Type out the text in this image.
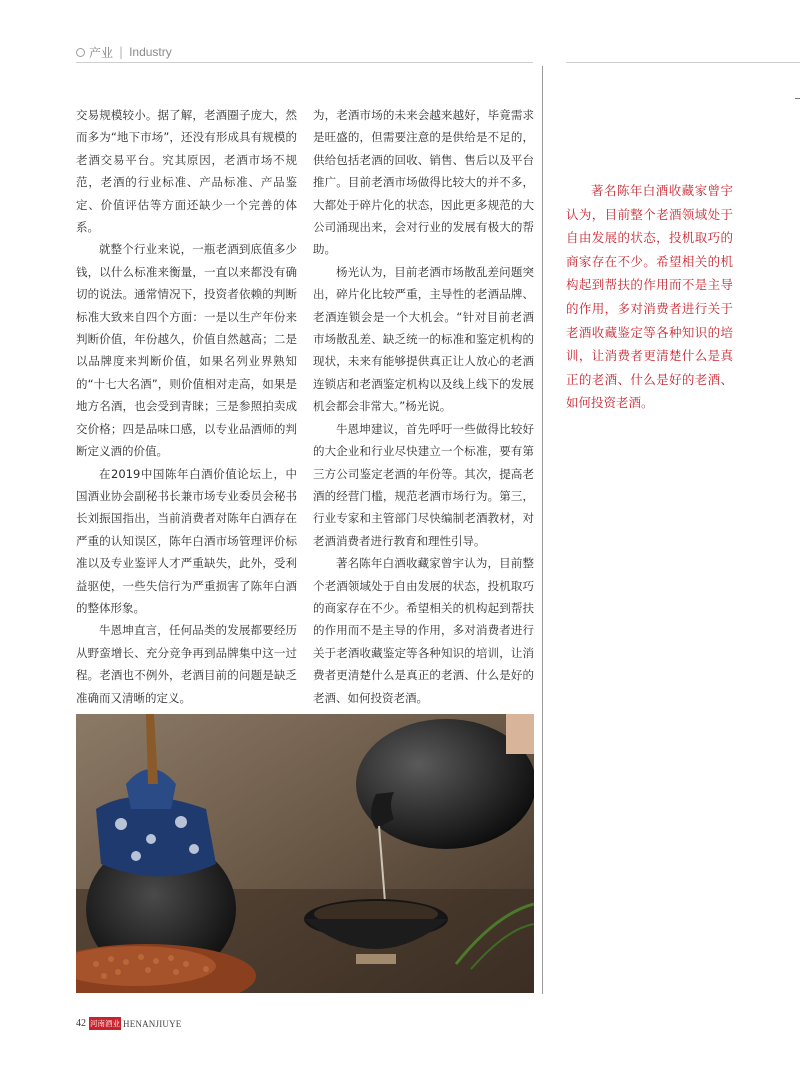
产业 | Industry

交易规模较小。据了解，老酒圈子庞大，然而多为“地下市场”，还没有形成具有规模的老酒交易平台。究其原因，老酒市场不规范，老酒的行业标准、产品标准、产品鉴定、价值评估等方面还缺少一个完善的体系。

就整个行业来说，一瓶老酒到底值多少钱，以什么标准来衡量，一直以来都没有确切的说法。通常情况下，投资者依赖的判断标准大致来自四个方面：一是以生产年份来判断价值，年份越久，价值自然越高；二是以品牌度来判断价值，如果名列业界熟知的“十七大名酒”，则价值相对走高，如果是地方名酒，也会受到青睐；三是参照拍卖成交价格；四是品味口感，以专业品酒师的判断定义酒的价值。

在2019中国陈年白酒价值论坛上，中国酒业协会副秘书长兼市场专业委员会秘书长刘振国指出，当前消费者对陈年白酒存在严重的认知误区，陈年白酒市场管理评价标准以及专业鉴评人才严重缺失，此外，受利益驱使，一些失信行为严重损害了陈年白酒的整体形象。

牛恩坤直言，任何品类的发展都要经历从野蛮增长、充分竞争再到品牌集中这一过程。老酒也不例外，老酒目前的问题是缺乏准确而又清晰的定义。

为，老酒市场的未来会越来越好，毕竟需求是旺盛的，但需要注意的是供给是不足的，供给包括老酒的回收、销售、售后以及平台推广。目前老酒市场做得比较大的并不多，大都处于碎片化的状态，因此更多规范的大公司涌现出来，会对行业的发展有极大的帮助。

杨光认为，目前老酒市场散乱差问题突出，碎片化比较严重，主导性的老酒品牌、老酒连锁会是一个大机会。“针对目前老酒市场散乱差、缺乏统一的标准和鉴定机构的现状，未来有能够提供真正让人放心的老酒连锁店和老酒鉴定机构以及线上线下的发展机会都会非常大。”杨光说。

牛恩坤建议，首先呼吁一些做得比较好的大企业和行业尽快建立一个标准，要有第三方公司鉴定老酒的年份等。其次，提高老酒的经营门槛，规范老酒市场行为。第三，行业专家和主管部门尽快编制老酒教材，对老酒消费者进行教育和理性引导。

著名陈年白酒收藏家曾宇认为，目前整个老酒领域处于自由发展的状态，投机取巧的商家存在不少。希望相关的机构起到帮扶的作用而不是主导的作用，多对消费者进行关于老酒收藏鉴定等各种知识的培训，让消费者更清楚什么是真正的老酒、什么是好的老酒、如何投资老酒。

著名陈年白酒收藏家曾宇认为，目前整个老酒领域处于自由发展的状态，投机取巧的商家存在不少。希望相关的机构起到帮扶的作用而不是主导的作用，多对消费者进行关于老酒收藏鉴定等各种知识的培训，让消费者更清楚什么是真正的老酒、什么是好的老酒、如何投资老酒。

42 河南酒业 HENANJIUYE
